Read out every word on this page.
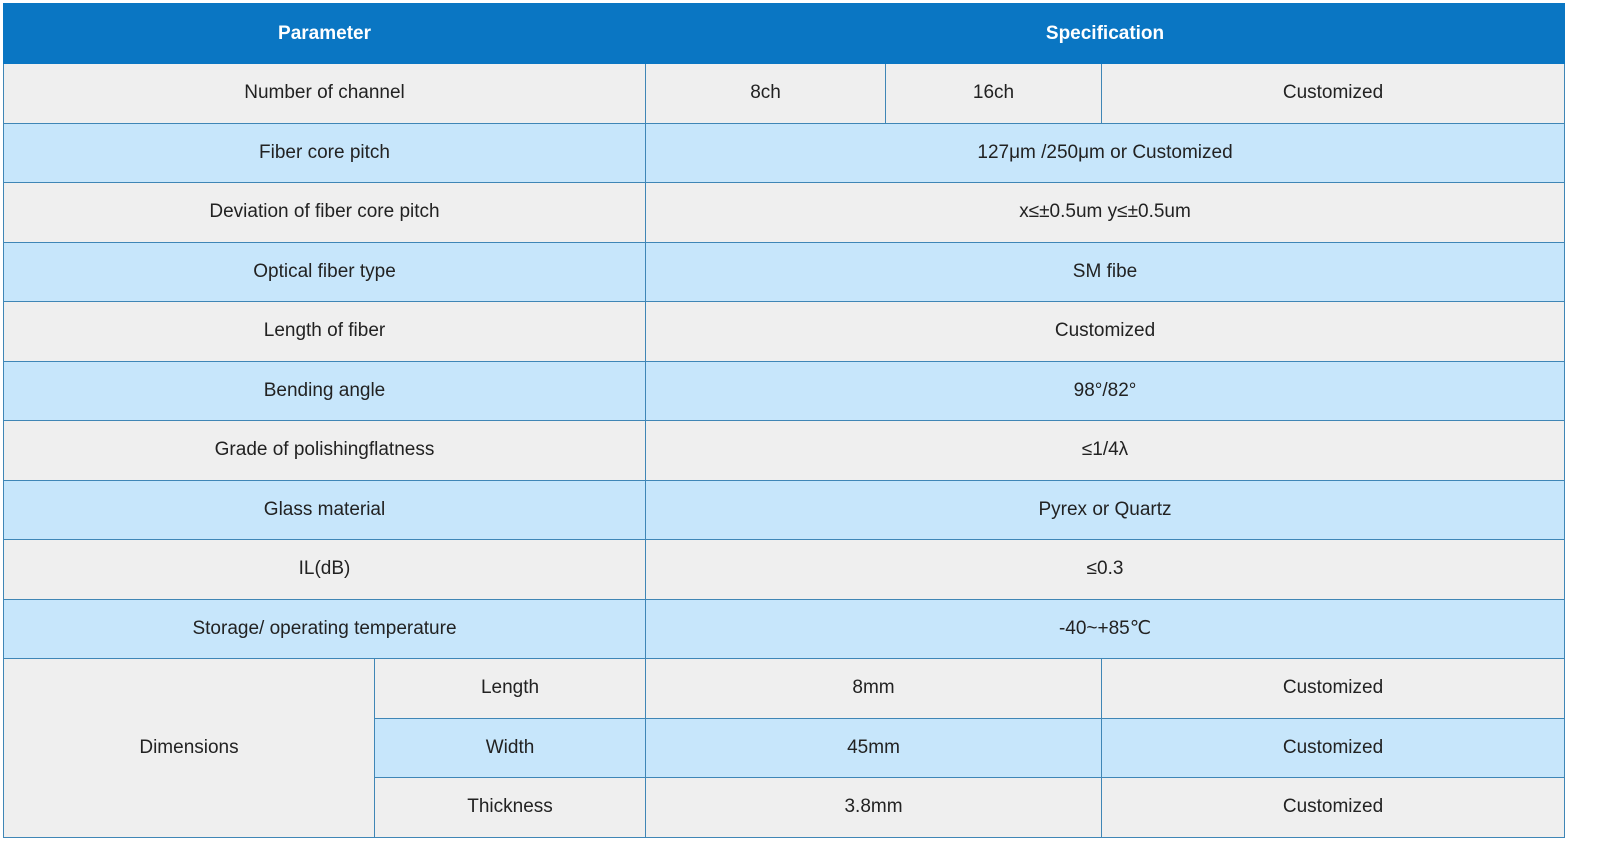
Parameter		Specification		
Number of channel		8ch	16ch	Customized
Fiber core pitch		127μm /250μm or Customized		
Deviation of fiber core pitch		x≤±0.5um y≤±0.5um		
Optical fiber type		SM fibe		
Length of fiber		Customized		
Bending angle		98°/82°		
Grade of polishingflatness		≤1/4λ		
Glass material		Pyrex or Quartz		
IL(dB)		≤0.3		
Storage/ operating temperature		-40~+85℃		
Dimensions	Length	8mm		Customized
	Width	45mm		Customized
	Thickness	3.8mm		Customized
